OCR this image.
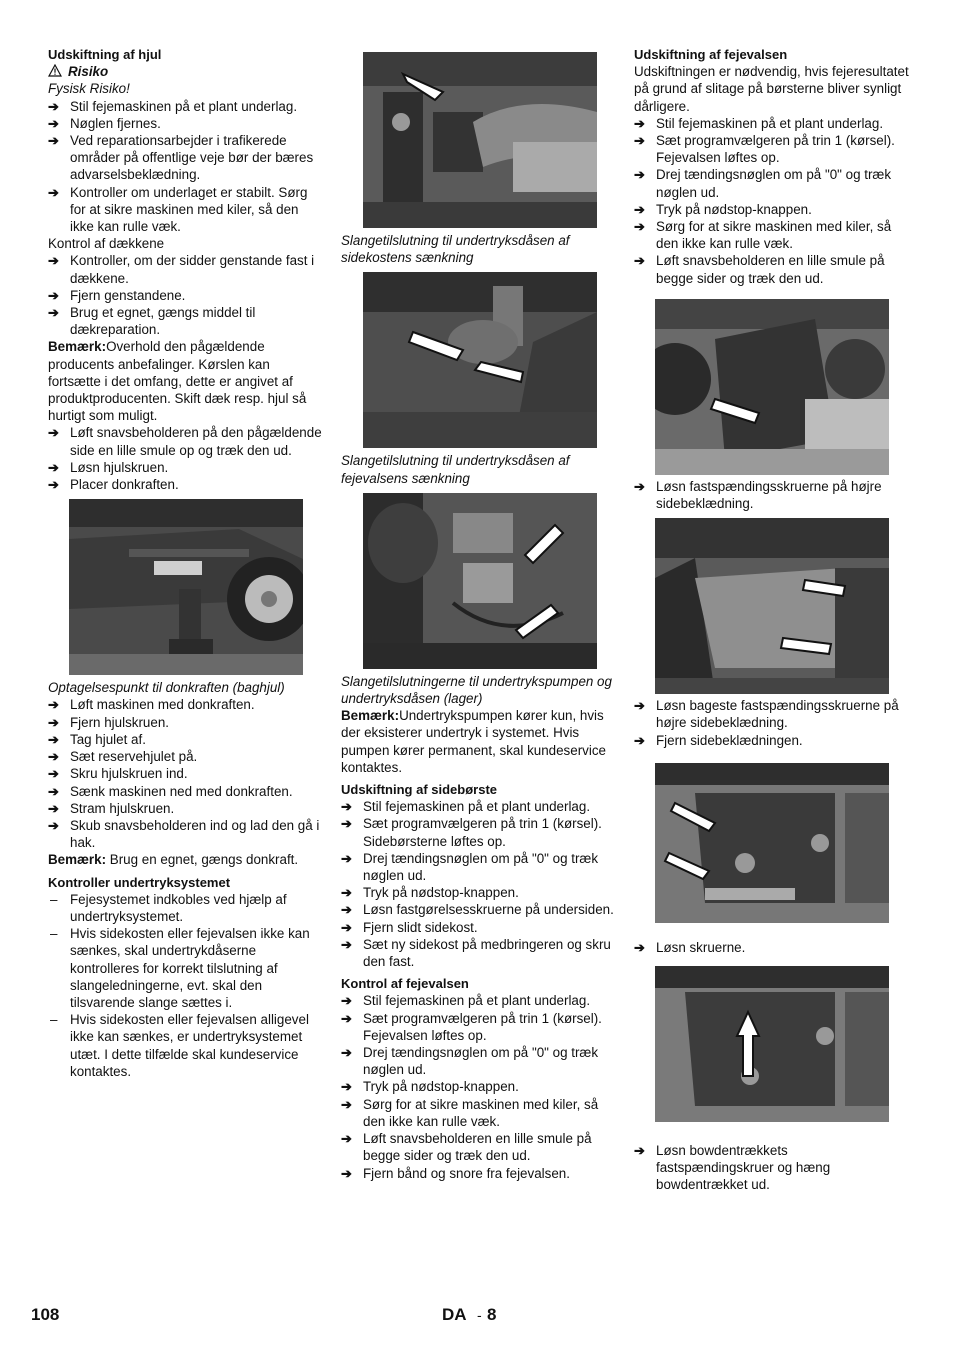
Udskiftning af hjul
Risiko
Fysisk Risiko!
➔ Stil fejemaskinen på et plant underlag.
➔ Nøglen fjernes.
➔ Ved reparationsarbejder i trafikerede områder på offentlige veje bør der bæres advarselsbeklædning.
➔ Kontroller om underlaget er stabilt. Sørg for at sikre maskinen med kiler, så den ikke kan rulle væk.
Kontrol af dækkene
➔ Kontroller, om der sidder genstande fast i dækkene.
➔ Fjern genstandene.
➔ Brug et egnet, gængs middel til dækreparation.
Bemærk:Overhold den pågældende producents anbefalinger. Kørslen kan fortsætte i det omfang, dette er angivet af produktproducenten. Skift dæk resp. hjul så hurtigt som muligt.
➔ Løft snavsbeholderen på den pågældende side en lille smule op og træk den ud.
➔ Løsn hjulskruen.
➔ Placer donkraften.
Optagelsespunkt til donkraften (baghjul)
➔ Løft maskinen med donkraften.
➔ Fjern hjulskruen.
➔ Tag hjulet af.
➔ Sæt reservehjulet på.
➔ Skru hjulskruen ind.
➔ Sænk maskinen ned med donkraften.
➔ Stram hjulskruen.
➔ Skub snavsbeholderen ind og lad den gå i hak.
Bemærk: Brug en egnet, gængs donkraft.
Kontroller undertryksystemet
– Fejesystemet indkobles ved hjælp af undertryksystemet.
– Hvis sidekosten eller fejevalsen ikke kan sænkes, skal undertrykdåserne kontrolleres for korrekt tilslutning af slangeledningerne, evt. skal den tilsvarende slange sættes i.
– Hvis sidekosten eller fejevalsen alligevel ikke kan sænkes, er undertryksystemet utæt. I dette tilfælde skal kundeservice kontaktes.
Slangetilslutning til undertryksdåsen af sidekostens sænkning
Slangetilslutning til undertryksdåsen af fejevalsens sænkning
Slangetilslutningerne til undertrykspumpen og undertryksdåsen (lager)
Bemærk:Undertrykspumpen kører kun, hvis der eksisterer undertryk i systemet. Hvis pumpen kører permanent, skal kundeservice kontaktes.
Udskiftning af sidebørste
➔ Stil fejemaskinen på et plant underlag.
➔ Sæt programvælgeren på trin 1 (kørsel). Sidebørsterne løftes op.
➔ Drej tændingsnøglen om på "0" og træk nøglen ud.
➔ Tryk på nødstop-knappen.
➔ Løsn fastgørelsesskruerne på undersiden.
➔ Fjern slidt sidekost.
➔ Sæt ny sidekost på medbringeren og skru den fast.
Kontrol af fejevalsen
➔ Stil fejemaskinen på et plant underlag.
➔ Sæt programvælgeren på trin 1 (kørsel). Fejevalsen løftes op.
➔ Drej tændingsnøglen om på "0" og træk nøglen ud.
➔ Tryk på nødstop-knappen.
➔ Sørg for at sikre maskinen med kiler, så den ikke kan rulle væk.
➔ Løft snavsbeholderen en lille smule på begge sider og træk den ud.
➔ Fjern bånd og snore fra fejevalsen.
Udskiftning af fejevalsen
Udskiftningen er nødvendig, hvis fejeresultatet på grund af slitage på børsterne bliver synligt dårligere.
➔ Stil fejemaskinen på et plant underlag.
➔ Sæt programvælgeren på trin 1 (kørsel). Fejevalsen løftes op.
➔ Drej tændingsnøglen om på "0" og træk nøglen ud.
➔ Tryk på nødstop-knappen.
➔ Sørg for at sikre maskinen med kiler, så den ikke kan rulle væk.
➔ Løft snavsbeholderen en lille smule på begge sider og træk den ud.
➔ Løsn fastspændingsskruerne på højre sidebeklædning.
➔ Løsn bageste fastspændingsskruerne på højre sidebeklædning.
➔ Fjern sidebeklædningen.
➔ Løsn skruerne.
➔ Løsn bowdentrækkets fastspændingskruer og hæng bowdentrækket ud.
108	DA - 8
